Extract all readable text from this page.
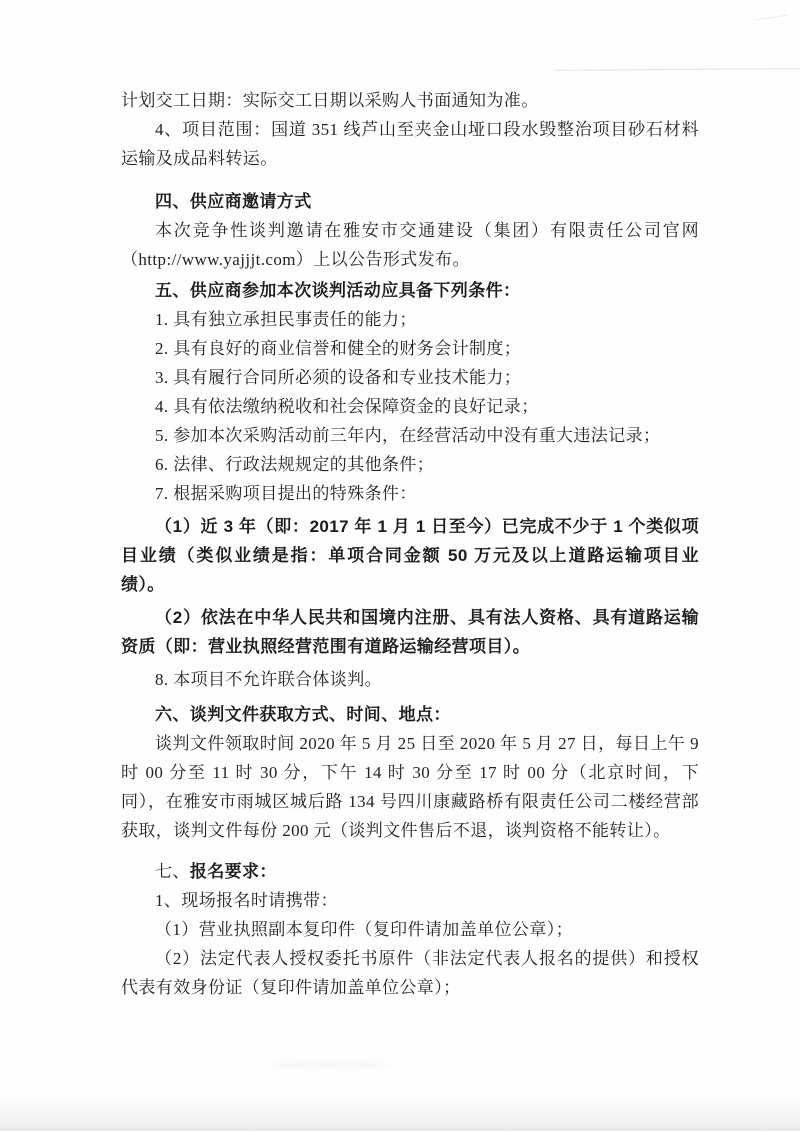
计划交工日期：实际交工日期以采购人书面通知为准。

4、项目范围：国道 351 线芦山至夹金山垭口段水毁整治项目砂石材料运输及成品料转运。

四、供应商邀请方式

本次竞争性谈判邀请在雅安市交通建设（集团）有限责任公司官网（http://www.yajjjt.com）上以公告形式发布。

五、供应商参加本次谈判活动应具备下列条件：

1. 具有独立承担民事责任的能力；

2. 具有良好的商业信誉和健全的财务会计制度；

3. 具有履行合同所必须的设备和专业技术能力；

4. 具有依法缴纳税收和社会保障资金的良好记录；

5. 参加本次采购活动前三年内，在经营活动中没有重大违法记录；

6. 法律、行政法规规定的其他条件；

7. 根据采购项目提出的特殊条件：

（1）近 3 年（即：2017 年 1 月 1 日至今）已完成不少于 1 个类似项目业绩（类似业绩是指：单项合同金额 50 万元及以上道路运输项目业绩）。

（2）依法在中华人民共和国境内注册、具有法人资格、具有道路运输资质（即：营业执照经营范围有道路运输经营项目）。

8. 本项目不允许联合体谈判。

六、谈判文件获取方式、时间、地点：

谈判文件领取时间 2020 年 5 月 25 日至 2020 年 5 月 27 日，每日上午 9 时 00 分至 11 时 30 分，下午 14 时 30 分至 17 时 00 分（北京时间，下同），在雅安市雨城区城后路 134 号四川康藏路桥有限责任公司二楼经营部获取，谈判文件每份 200 元（谈判文件售后不退，谈判资格不能转让）。

七、报名要求：

1、现场报名时请携带：

（1）营业执照副本复印件（复印件请加盖单位公章）；

（2）法定代表人授权委托书原件（非法定代表人报名的提供）和授权代表有效身份证（复印件请加盖单位公章）；
